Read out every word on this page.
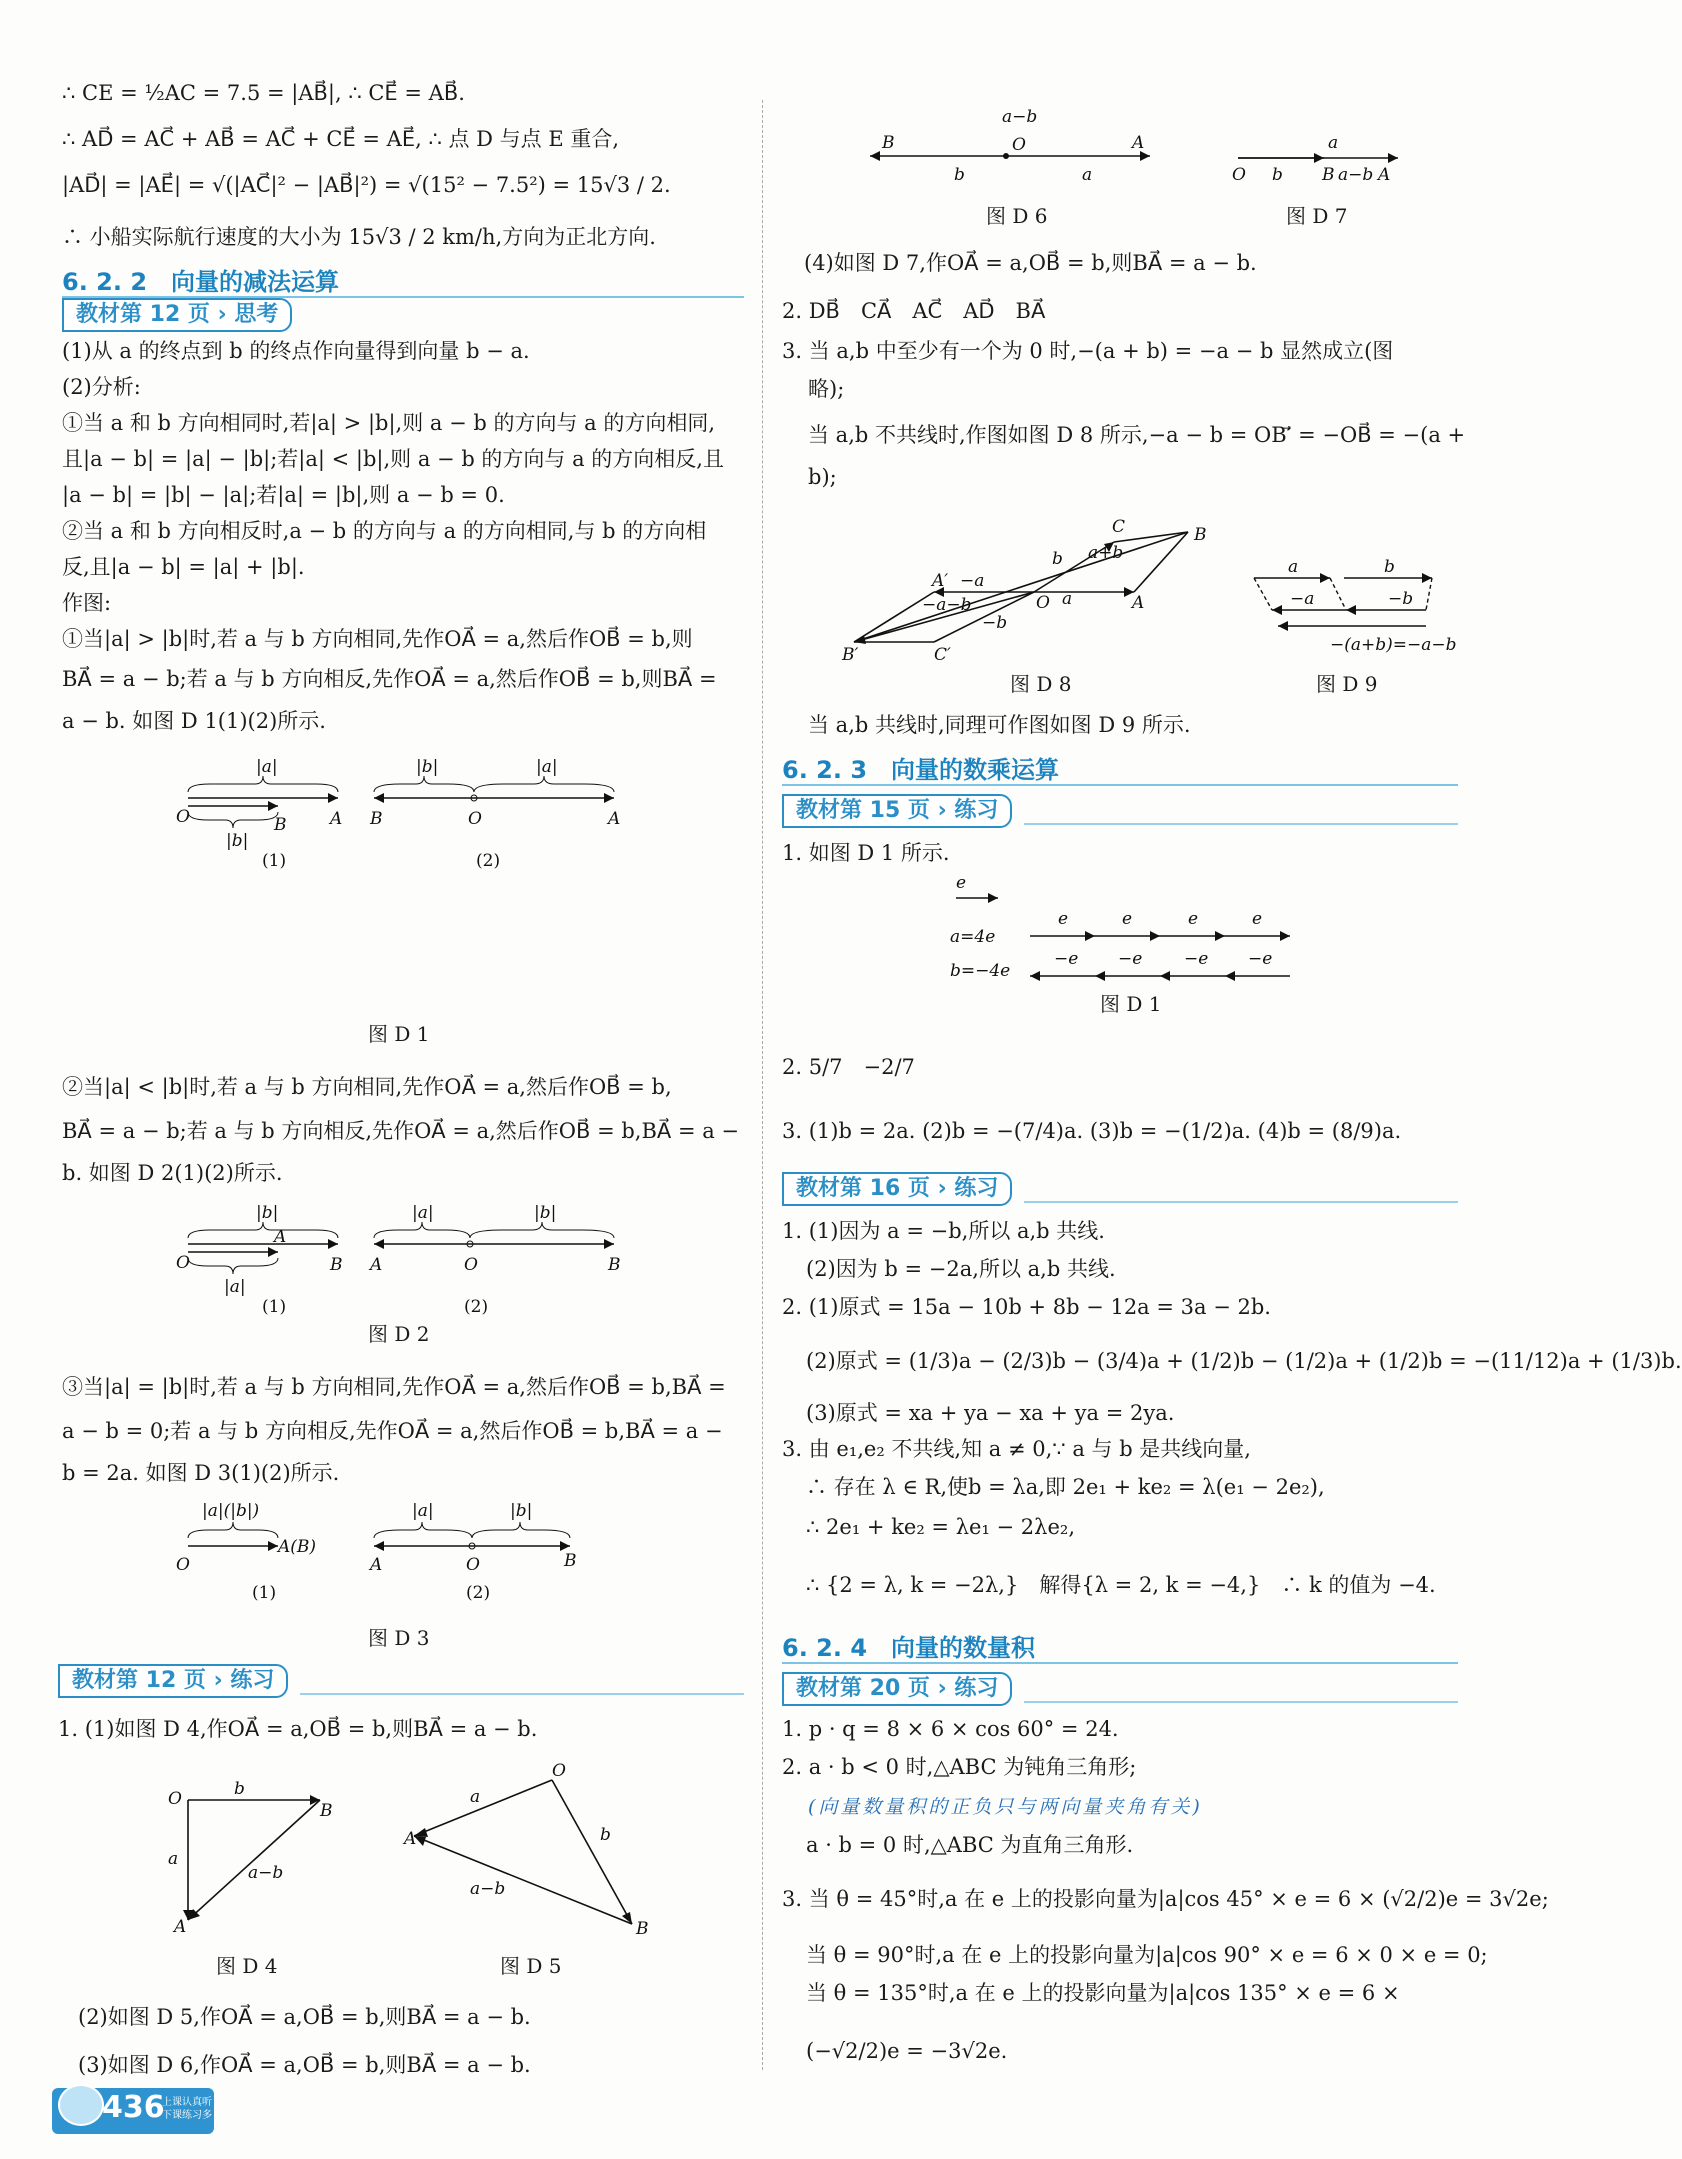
∴ CE = ½AC = 7.5 = |AB⃗|, ∴ CE⃗ = AB⃗.
∴ AD⃗ = AC⃗ + AB⃗ = AC⃗ + CE⃗ = AE⃗, ∴ 点 D 与点 E 重合,
|AD⃗| = |AE⃗| = √(|AC⃗|² − |AB⃗|²) = √(15² − 7.5²) = 15√3 / 2.
∴ 小船实际航行速度的大小为 15√3 / 2 km/h,方向为正北方向.
6. 2. 2　向量的减法运算
教材第 12 页 › 思考
(1)从 a 的终点到 b 的终点作向量得到向量 b − a.
(2)分析:
①当 a 和 b 方向相同时,若|a| > |b|,则 a − b 的方向与 a 的方向相同,
且|a − b| = |a| − |b|;若|a| < |b|,则 a − b 的方向与 a 的方向相反,且
|a − b| = |b| − |a|;若|a| = |b|,则 a − b = 0.
②当 a 和 b 方向相反时,a − b 的方向与 a 的方向相同,与 b 的方向相
反,且|a − b| = |a| + |b|.
作图:
①当|a| > |b|时,若 a 与 b 方向相同,先作OA⃗ = a,然后作OB⃗ = b,则
BA⃗ = a − b;若 a 与 b 方向相反,先作OA⃗ = a,然后作OB⃗ = b,则BA⃗ =
a − b. 如图 D 1(1)(2)所示.
|a|
|b|
O	B	A
(1)
|b|	|a|
B	O	A
(2)
图 D 1
②当|a| < |b|时,若 a 与 b 方向相同,先作OA⃗ = a,然后作OB⃗ = b,
BA⃗ = a − b;若 a 与 b 方向相反,先作OA⃗ = a,然后作OB⃗ = b,BA⃗ = a −
b. 如图 D 2(1)(2)所示.
|b|
|a|
O
A
B
(1)
|a|	|b|
A	O	B
(2)
图 D 2
③当|a| = |b|时,若 a 与 b 方向相同,先作OA⃗ = a,然后作OB⃗ = b,BA⃗ =
a − b = 0;若 a 与 b 方向相反,先作OA⃗ = a,然后作OB⃗ = b,BA⃗ = a −
b = 2a. 如图 D 3(1)(2)所示.
|a|(|b|)
O
A(B)
(1)
|a|	|b|
A	O	B
(2)
图 D 3
教材第 12 页 › 练习
1. (1)如图 D 4,作OA⃗ = a,OB⃗ = b,则BA⃗ = a − b.
O
B
A
b
a
a−b
图 D 4
O
A
B
a
b
a−b
图 D 5
(2)如图 D 5,作OA⃗ = a,OB⃗ = b,则BA⃗ = a − b.
(3)如图 D 6,作OA⃗ = a,OB⃗ = b,则BA⃗ = a − b.
a−b
B	O	A
b	a
图 D 6
a
O b B a−b A
图 D 7
(4)如图 D 7,作OA⃗ = a,OB⃗ = b,则BA⃗ = a − b.
2. DB⃗　CA⃗　AC⃗　AD⃗　BA⃗
3. 当 a,b 中至少有一个为 0 时,−(a + b) = −a − b 显然成立(图
略);
当 a,b 不共线时,作图如图 D 8 所示,−a − b = OB′⃗ = −OB⃗ = −(a +
b);
C	B
b a+b
A′ −a
O a	A
−a−b
−b
B′	C′
图 D 8
a	b
−a	−b
−(a+b)=−a−b
图 D 9
当 a,b 共线时,同理可作图如图 D 9 所示.
6. 2. 3　向量的数乘运算
教材第 15 页 › 练习
1. 如图 D 1 所示.
e
a=4e
b=−4e
e	e	e	e
−e −e −e −e
图 D 1
2. 5/7　−2/7
3. (1)b = 2a. (2)b = −(7/4)a. (3)b = −(1/2)a. (4)b = (8/9)a.
教材第 16 页 › 练习
1. (1)因为 a = −b,所以 a,b 共线.
(2)因为 b = −2a,所以 a,b 共线.
2. (1)原式 = 15a − 10b + 8b − 12a = 3a − 2b.
(2)原式 = (1/3)a − (2/3)b − (3/4)a + (1/2)b − (1/2)a + (1/2)b = −(11/12)a + (1/3)b.
(3)原式 = xa + ya − xa + ya = 2ya.
3. 由 e₁,e₂ 不共线,知 a ≠ 0,∵ a 与 b 是共线向量,
∴ 存在 λ ∈ R,使b = λa,即 2e₁ + ke₂ = λ(e₁ − 2e₂),
∴ 2e₁ + ke₂ = λe₁ − 2λe₂,
∴ {2 = λ, k = −2λ,}　解得{λ = 2, k = −4,}　∴ k 的值为 −4.
6. 2. 4　向量的数量积
教材第 20 页 › 练习
1. p · q = 8 × 6 × cos 60° = 24.
2. a · b < 0 时,△ABC 为钝角三角形;
(向量数量积的正负只与两向量夹角有关)
a · b = 0 时,△ABC 为直角三角形.
3. 当 θ = 45°时,a 在 e 上的投影向量为|a|cos 45° × e = 6 × (√2/2)e = 3√2e;
当 θ = 90°时,a 在 e 上的投影向量为|a|cos 90° × e = 6 × 0 × e = 0;
当 θ = 135°时,a 在 e 上的投影向量为|a|cos 135° × e = 6 ×
(−√2/2)e = −3√2e.
436
上课认真听 下课练习多
